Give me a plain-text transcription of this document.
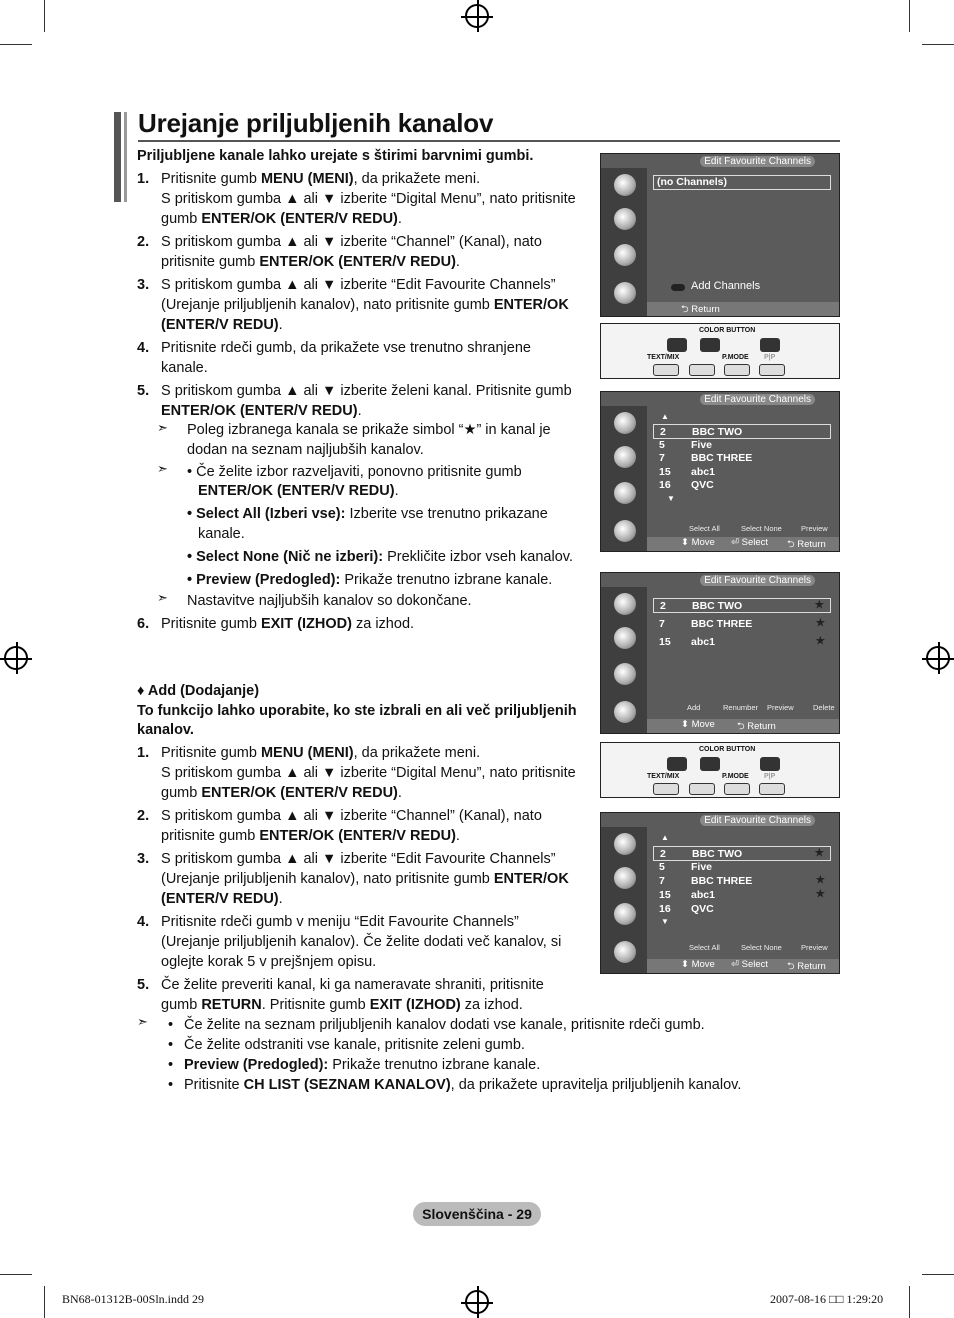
Urejanje priljubljenih kanalov
Priljubljene kanale lahko urejate s štirimi barvnimi gumbi.
1. Pritisnite gumb MENU (MENI), da prikažete meni.
S pritiskom gumba ▲ ali ▼ izberite “Digital Menu”, nato pritisnite
gumb ENTER/OK (ENTER/V REDU).
2. S pritiskom gumba ▲ ali ▼ izberite “Channel” (Kanal), nato
pritisnite gumb ENTER/OK (ENTER/V REDU).
3. S pritiskom gumba ▲ ali ▼ izberite “Edit Favourite Channels”
(Urejanje priljubljenih kanalov), nato pritisnite gumb ENTER/OK
(ENTER/V REDU).
4. Pritisnite rdeči gumb, da prikažete vse trenutno shranjene
kanale.
5. S pritiskom gumba ▲ ali ▼ izberite želeni kanal. Pritisnite gumb
ENTER/OK (ENTER/V REDU).
➣ Poleg izbranega kanala se prikaže simbol “★” in kanal je
dodan na seznam najljubših kanalov.
➣ • Če želite izbor razveljaviti, ponovno pritisnite gumb
ENTER/OK (ENTER/V REDU).
• Select All (Izberi vse): Izberite vse trenutno prikazane
kanale.
• Select None (Nič ne izberi): Prekličite izbor vseh kanalov.
• Preview (Predogled): Prikaže trenutno izbrane kanale.
➣ Nastavitve najljubših kanalov so dokončane.
6. Pritisnite gumb EXIT (IZHOD) za izhod.
♦ Add (Dodajanje)
To funkcijo lahko uporabite, ko ste izbrali en ali več priljubljenih
kanalov.
1. Pritisnite gumb MENU (MENI), da prikažete meni.
S pritiskom gumba ▲ ali ▼ izberite “Digital Menu”, nato pritisnite
gumb ENTER/OK (ENTER/V REDU).
2. S pritiskom gumba ▲ ali ▼ izberite “Channel” (Kanal), nato
pritisnite gumb ENTER/OK (ENTER/V REDU).
3. S pritiskom gumba ▲ ali ▼ izberite “Edit Favourite Channels”
(Urejanje priljubljenih kanalov), nato pritisnite gumb ENTER/OK
(ENTER/V REDU).
4. Pritisnite rdeči gumb v meniju “Edit Favourite Channels”
(Urejanje priljubljenih kanalov). Če želite dodati več kanalov, si
oglejte korak 5 v prejšnjem opisu.
5. Če želite preveriti kanal, ki ga nameravate shraniti, pritisnite
gumb RETURN. Pritisnite gumb EXIT (IZHOD) za izhod.
➣ • Če želite na seznam priljubljenih kanalov dodati vse kanale, pritisnite rdeči gumb.
• Če želite odstraniti vse kanale, pritisnite zeleni gumb.
• Preview (Predogled): Prikaže trenutno izbrane kanale.
• Pritisnite CH LIST (SEZNAM KANALOV), da prikažete upravitelja priljubljenih kanalov.
Edit Favourite Channels
(no Channels)
Add Channels
⮌ Return
COLOR BUTTON
TEXT/MIX	P.MODE P|P
Edit Favourite Channels
▲
2 BBC TWO
5 Five
7 BBC THREE
15 abc1
16 QVC
▼
Select All	Select None	Preview
⬍ Move ⏎ Select ⮌ Return
Edit Favourite Channels
2 BBC TWO	★
7 BBC THREE	★
15 abc1	★
Add	Renumber Preview	Delete
⬍ Move ⮌ Return
COLOR BUTTON
TEXT/MIX	P.MODE P|P
Edit Favourite Channels
▲
2 BBC TWO	★
5 Five
7 BBC THREE	★
15 abc1	★
16 QVC
▼
Select All	Select None	Preview
⬍ Move ⏎ Select ⮌ Return
Slovenščina - 29
BN68-01312B-00Sln.indd 29	2007-08-16 □□ 1:29:20
